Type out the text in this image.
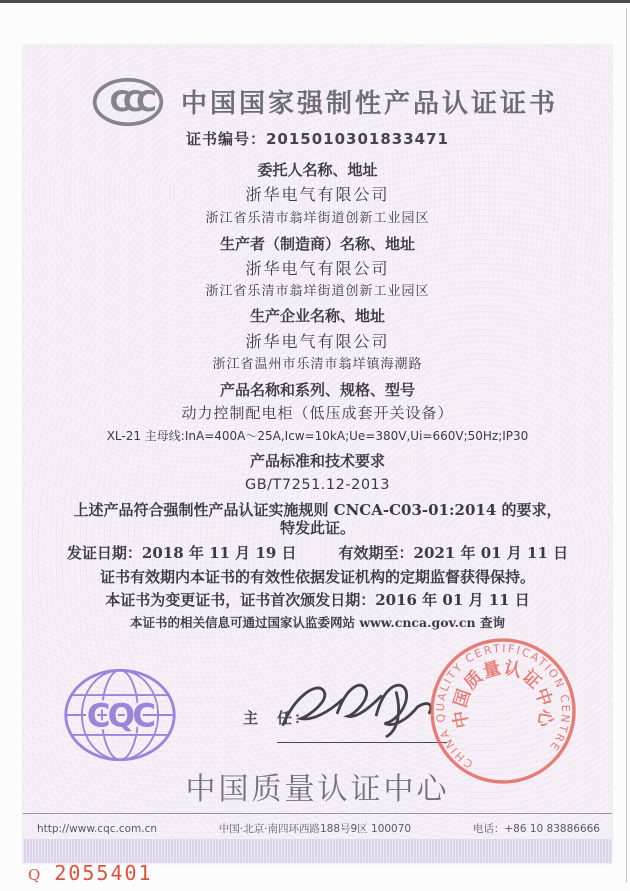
CCC 中国国家强制性产品认证证书
证书编号：2015010301833471
委托人名称、地址
浙华电气有限公司
浙江省乐清市翁垟街道创新工业园区
生产者（制造商）名称、地址
浙华电气有限公司
浙江省乐清市翁垟街道创新工业园区
生产企业名称、地址
浙华电气有限公司
浙江省温州市乐清市翁垟镇海潮路
产品名称和系列、规格、型号
动力控制配电柜（低压成套开关设备）
XL-21 主母线:InA=400A～25A,Icw=10kA;Ue=380V,Ui=660V;50Hz;IP30
产品标准和技术要求
GB/T7251.12-2013
上述产品符合强制性产品认证实施规则 CNCA-C03-01:2014 的要求，
特发此证。
发证日期：2018 年 11 月 19 日	有效期至：2021 年 01 月 11 日
证书有效期内本证书的有效性依据发证机构的定期监督获得保持。
本证书为变更证书，证书首次颁发日期：2016 年 01 月 11 日
本证书的相关信息可通过国家认监委网站 www.cnca.gov.cn 查询
CQC	主　任：
CHINA QUALITY CERTIFICATION CENTRE
中国质量认证中心
中国质量认证中心
http://www.cqc.com.cn	中国·北京·南四环西路188号9区 100070	电话：+86 10 83886666
Q 2055401
